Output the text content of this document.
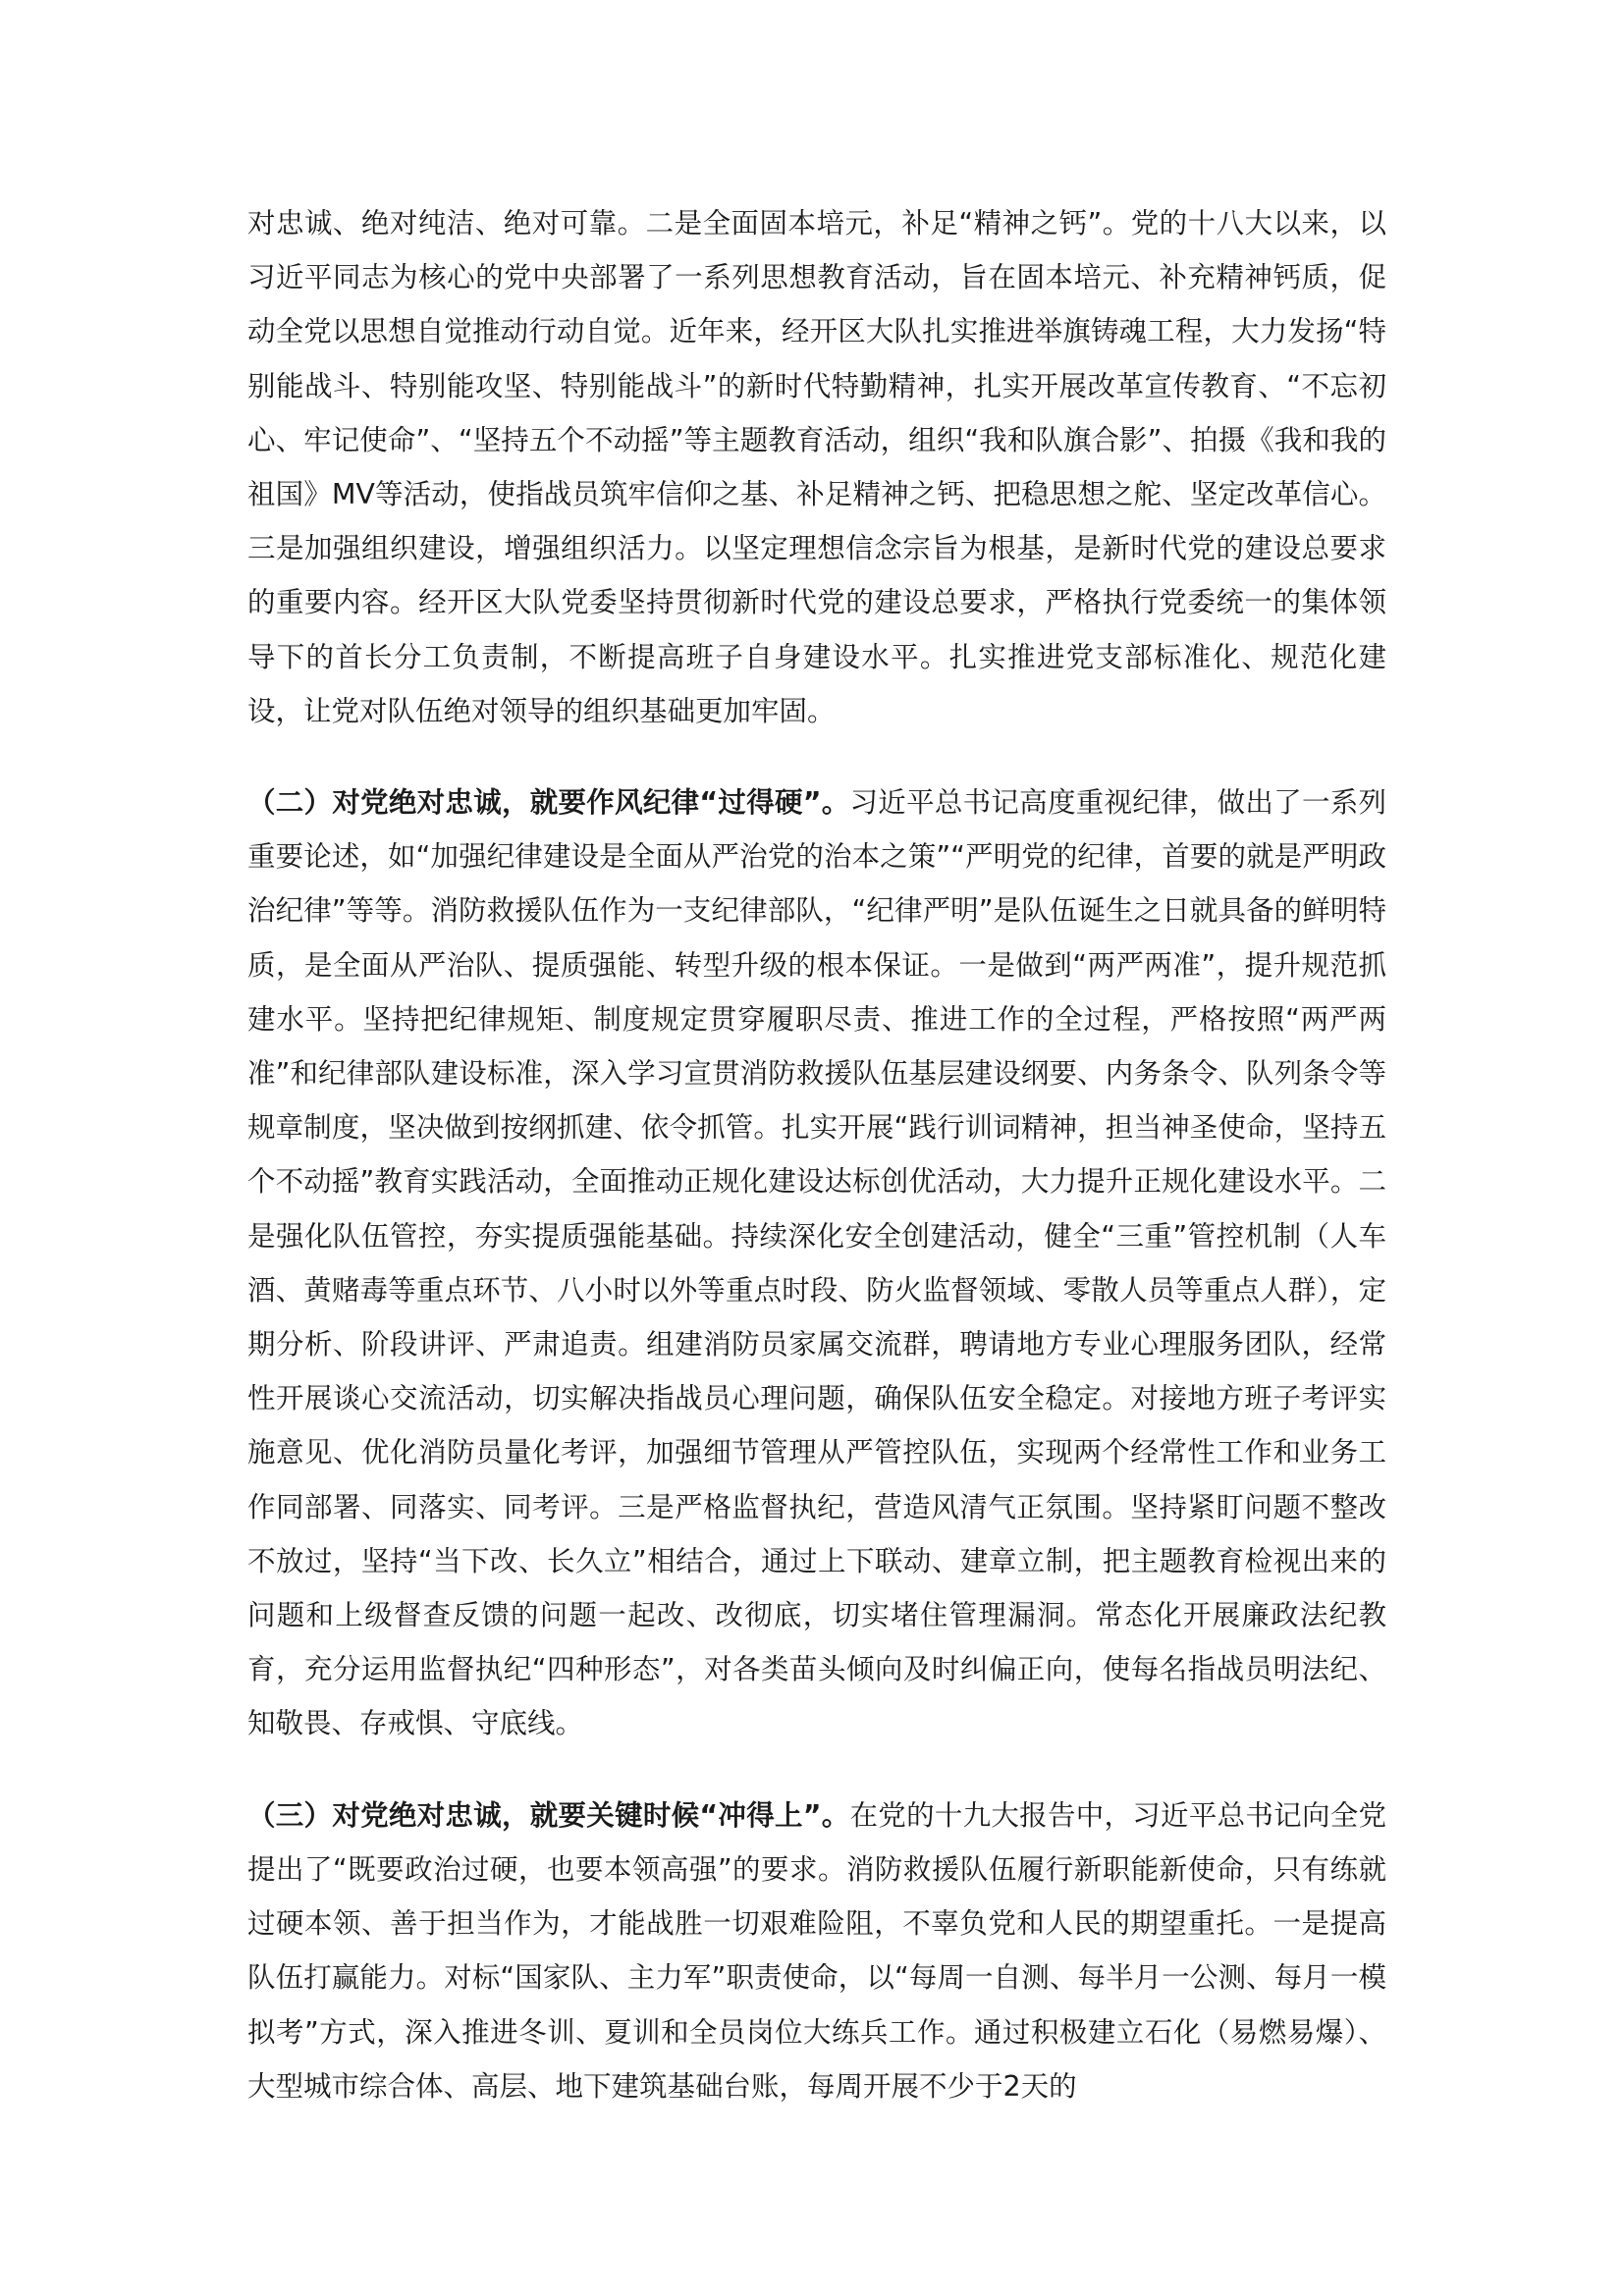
对忠诚、绝对纯洁、绝对可靠。二是全面固本培元，补足“精神之钙”。党的十八大以来，以习近平同志为核心的党中央部署了一系列思想教育活动，旨在固本培元、补充精神钙质，促动全党以思想自觉推动行动自觉。近年来，经开区大队扎实推进举旗铸魂工程，大力发扬“特别能战斗、特别能攻坚、特别能战斗”的新时代特勤精神，扎实开展改革宣传教育、“不忘初心、牢记使命”、“坚持五个不动摇”等主题教育活动，组织“我和队旗合影”、拍摄《我和我的祖国》MV等活动，使指战员筑牢信仰之基、补足精神之钙、把稳思想之舵、坚定改革信心。三是加强组织建设，增强组织活力。以坚定理想信念宗旨为根基，是新时代党的建设总要求的重要内容。经开区大队党委坚持贯彻新时代党的建设总要求，严格执行党委统一的集体领导下的首长分工负责制，不断提高班子自身建设水平。扎实推进党支部标准化、规范化建设，让党对队伍绝对领导的组织基础更加牢固。

（二）对党绝对忠诚，就要作风纪律“过得硬”。习近平总书记高度重视纪律，做出了一系列重要论述，如“加强纪律建设是全面从严治党的治本之策”“严明党的纪律，首要的就是严明政治纪律”等等。消防救援队伍作为一支纪律部队，“纪律严明”是队伍诞生之日就具备的鲜明特质，是全面从严治队、提质强能、转型升级的根本保证。一是做到“两严两准”，提升规范抓建水平。坚持把纪律规矩、制度规定贯穿履职尽责、推进工作的全过程，严格按照“两严两准”和纪律部队建设标准，深入学习宣贯消防救援队伍基层建设纲要、内务条令、队列条令等规章制度，坚决做到按纲抓建、依令抓管。扎实开展“践行训词精神，担当神圣使命，坚持五个不动摇”教育实践活动，全面推动正规化建设达标创优活动，大力提升正规化建设水平。二是强化队伍管控，夯实提质强能基础。持续深化安全创建活动，健全“三重”管控机制（人车酒、黄赌毒等重点环节、八小时以外等重点时段、防火监督领域、零散人员等重点人群），定期分析、阶段讲评、严肃追责。组建消防员家属交流群，聘请地方专业心理服务团队，经常性开展谈心交流活动，切实解决指战员心理问题，确保队伍安全稳定。对接地方班子考评实施意见、优化消防员量化考评，加强细节管理从严管控队伍，实现两个经常性工作和业务工作同部署、同落实、同考评。三是严格监督执纪，营造风清气正氛围。坚持紧盯问题不整改不放过，坚持“当下改、长久立”相结合，通过上下联动、建章立制，把主题教育检视出来的问题和上级督查反馈的问题一起改、改彻底，切实堵住管理漏洞。常态化开展廉政法纪教育，充分运用监督执纪“四种形态”，对各类苗头倾向及时纠偏正向，使每名指战员明法纪、知敬畏、存戒惧、守底线。

（三）对党绝对忠诚，就要关键时候“冲得上”。在党的十九大报告中，习近平总书记向全党提出了“既要政治过硬，也要本领高强”的要求。消防救援队伍履行新职能新使命，只有练就过硬本领、善于担当作为，才能战胜一切艰难险阻，不辜负党和人民的期望重托。一是提高队伍打赢能力。对标“国家队、主力军”职责使命，以“每周一自测、每半月一公测、每月一模拟考”方式，深入推进冬训、夏训和全员岗位大练兵工作。通过积极建立石化（易燃易爆）、大型城市综合体、高层、地下建筑基础台账，每周开展不少于2天的
